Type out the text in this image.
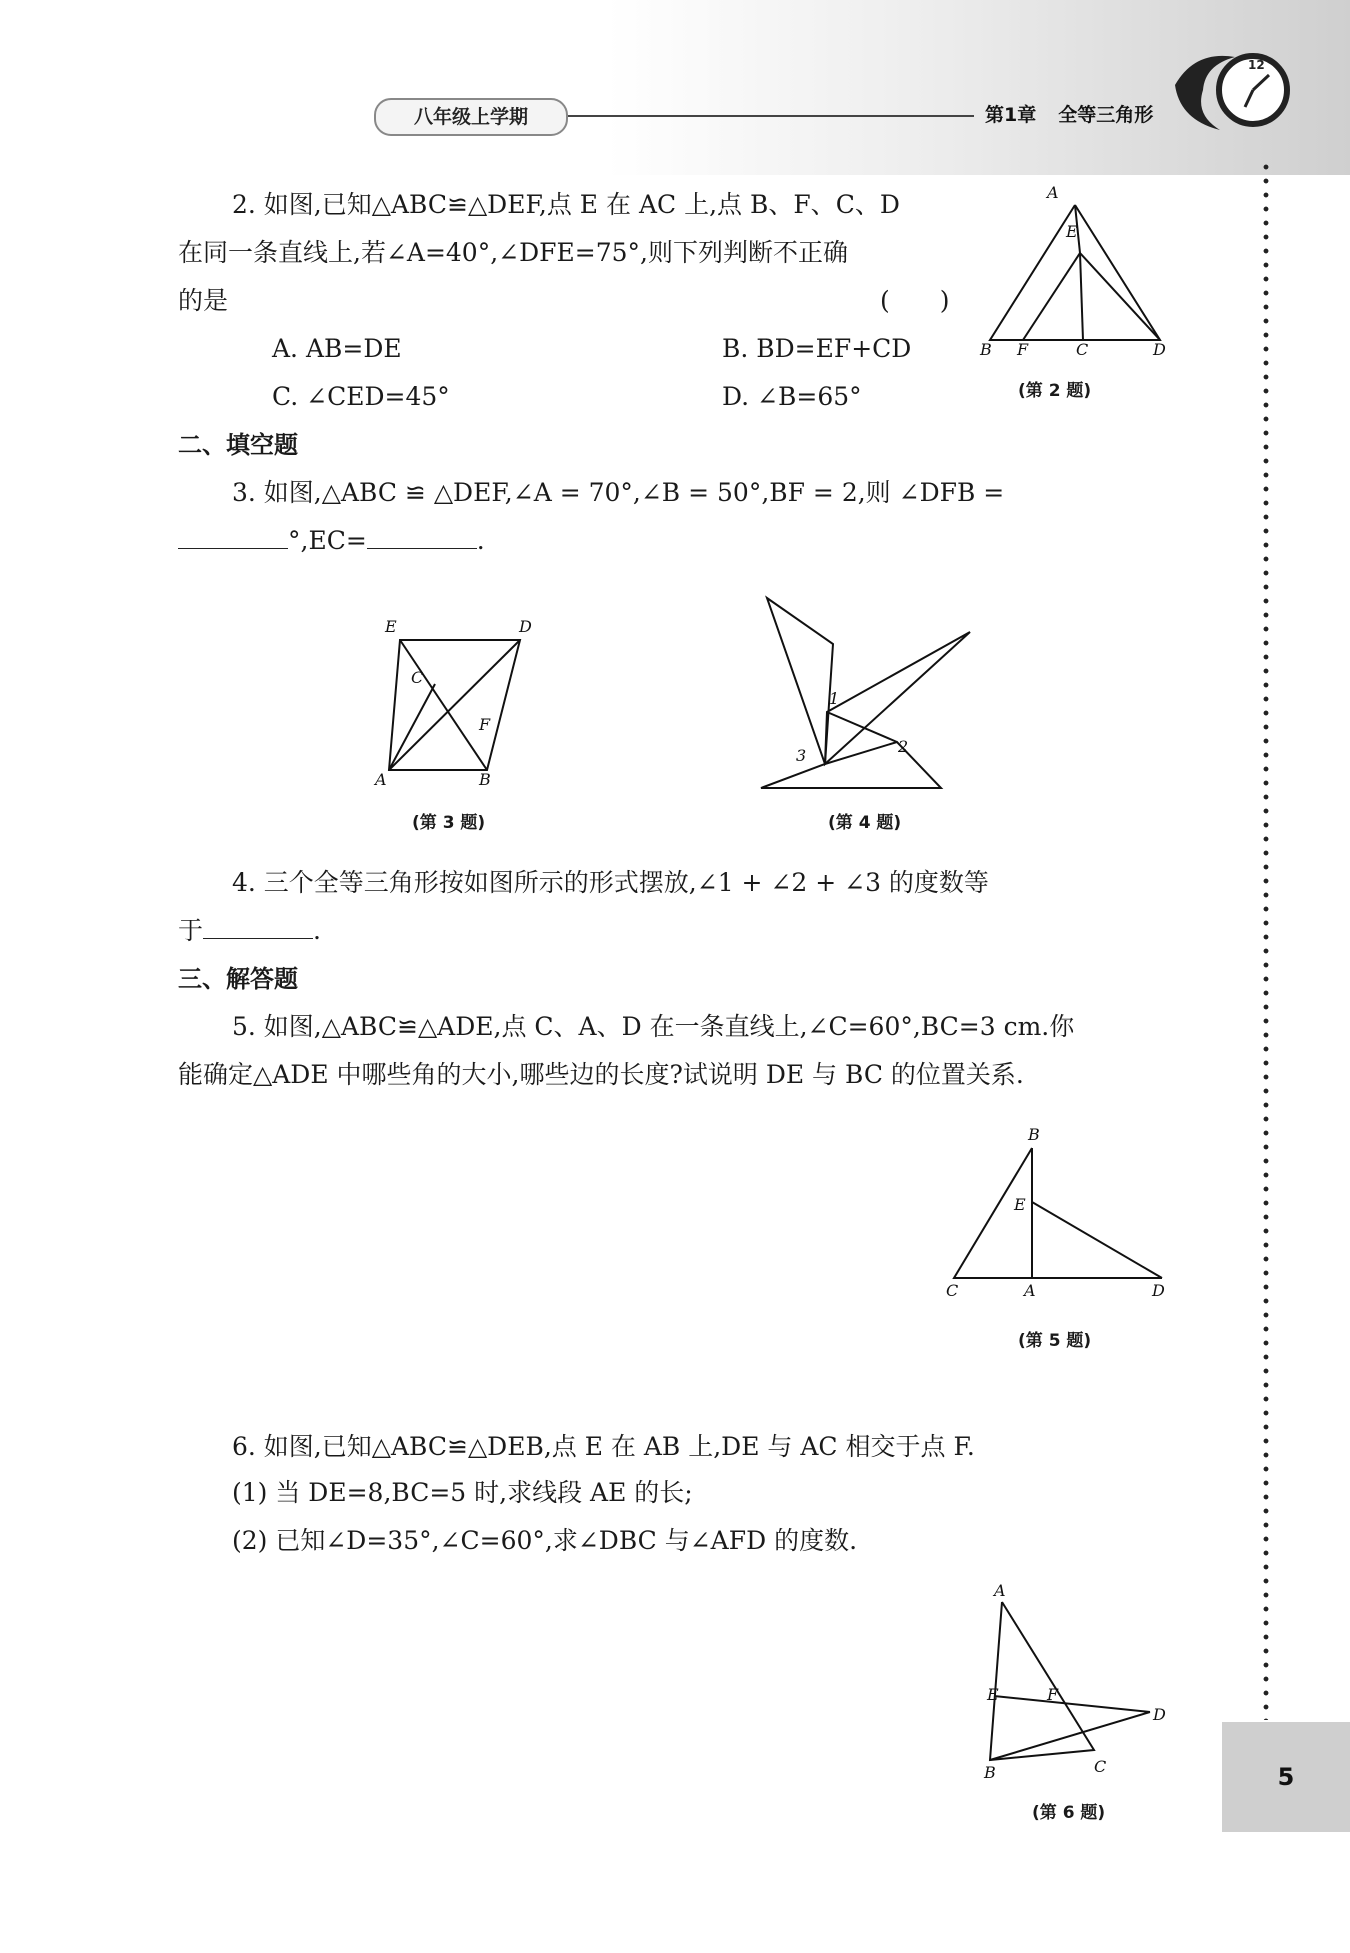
八年级上学期	第1章 全等三角形
12
5
2. 如图,已知△ABC≌△DEF,点 E 在 AC 上,点 B、F、C、D
在同一条直线上,若∠A=40°,∠DFE=75°,则下列判断不正确
的是	(　　)
A. AB=DE	B. BD=EF+CD
C. ∠CED=45°	D. ∠B=65°
A
E
B F	C	D
(第 2 题)
二、填空题
3. 如图,△ABC ≌ △DEF,∠A = 70°,∠B = 50°,BF = 2,则 ∠DFB =
°,EC=	.
E	D
C
F
A	B
(第 3 题)
1
2
3
(第 4 题)
4. 三个全等三角形按如图所示的形式摆放,∠1 + ∠2 + ∠3 的度数等
于	.
三、解答题
5. 如图,△ABC≌△ADE,点 C、A、D 在一条直线上,∠C=60°,BC=3 cm.你
能确定△ADE 中哪些角的大小,哪些边的长度?试说明 DE 与 BC 的位置关系.
B
E
C	A	D
(第 5 题)
6. 如图,已知△ABC≌△DEB,点 E 在 AB 上,DE 与 AC 相交于点 F.
(1) 当 DE=8,BC=5 时,求线段 AE 的长;
(2) 已知∠D=35°,∠C=60°,求∠DBC 与∠AFD 的度数.
A
E	F
D
B	C
(第 6 题)
